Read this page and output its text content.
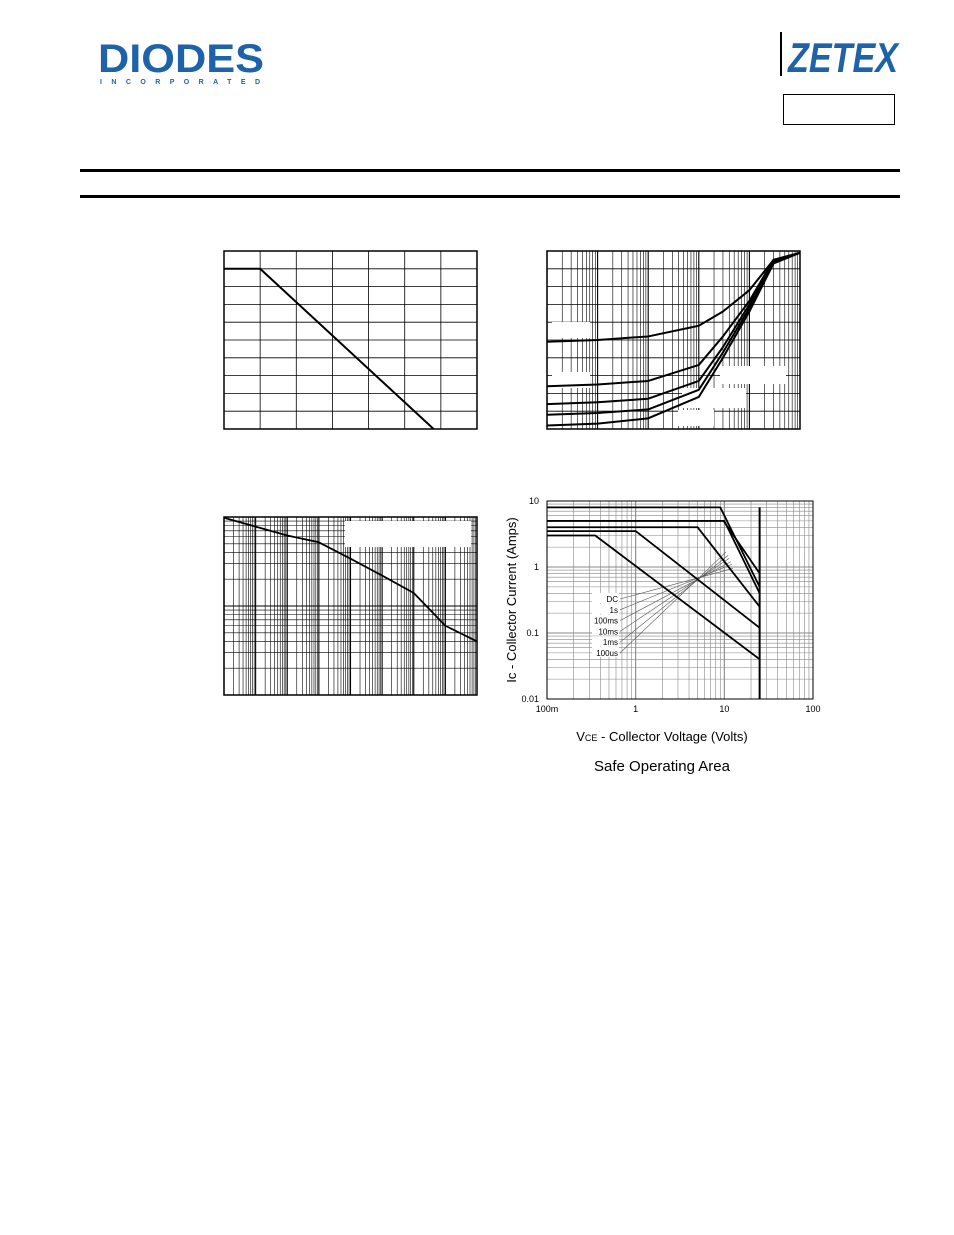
DIODES
INCORPORATED
ZETEX
Safe Operating Area
VCE - Collector Voltage (Volts)
Ic - Collector Current (Amps)
100m	1	10	100
0.01
0.1
1
10
DC
1s
100ms
10ms
1ms
100us
